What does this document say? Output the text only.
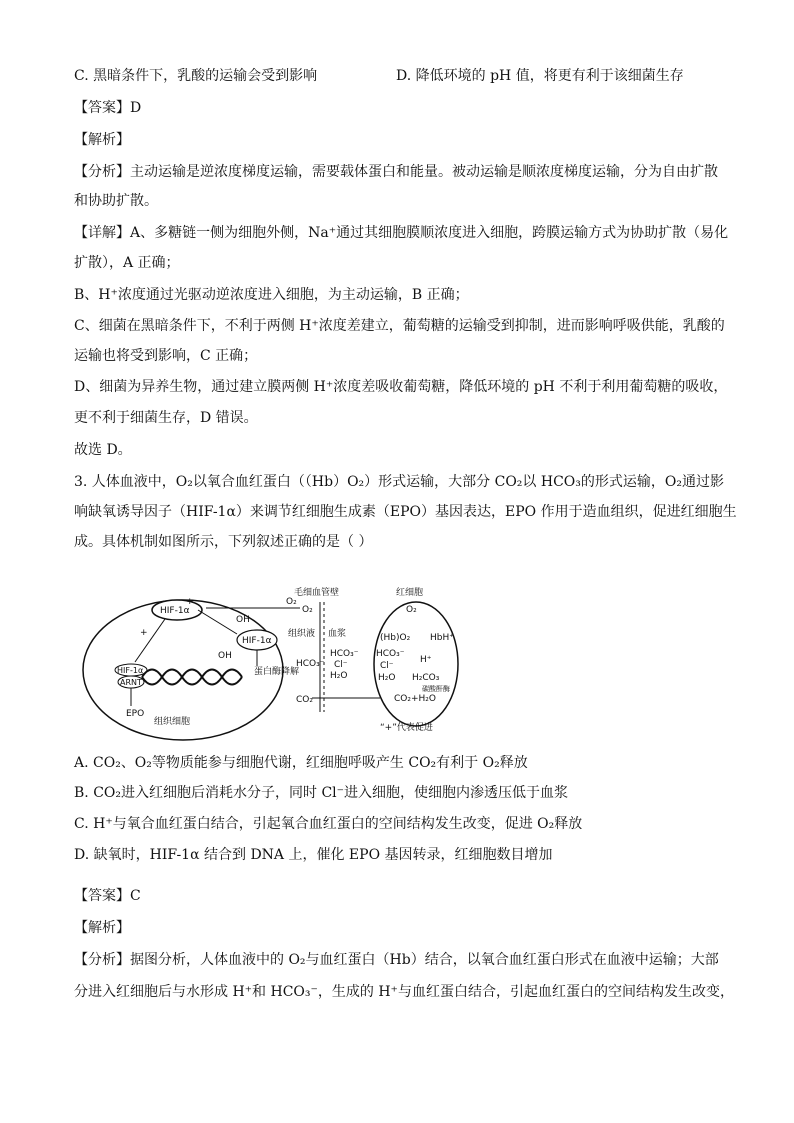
C. 黑暗条件下，乳酸的运输会受到影响	D. 降低环境的 pH 值，将更有利于该细菌生存
【答案】D
【解析】
【分析】主动运输是逆浓度梯度运输，需要载体蛋白和能量。被动运输是顺浓度梯度运输，分为自由扩散
和协助扩散。
【详解】A、多糖链一侧为细胞外侧，Na⁺通过其细胞膜顺浓度进入细胞，跨膜运输方式为协助扩散（易化
扩散），A 正确；
B、H⁺浓度通过光驱动逆浓度进入细胞，为主动运输，B 正确；
C、细菌在黑暗条件下，不利于两侧 H⁺浓度差建立，葡萄糖的运输受到抑制，进而影响呼吸供能，乳酸的
运输也将受到影响，C 正确；
D、细菌为异养生物，通过建立膜两侧 H⁺浓度差吸收葡萄糖，降低环境的 pH 不利于利用葡萄糖的吸收，
更不利于细菌生存，D 错误。
故选 D。
3. 人体血液中，O₂以氧合血红蛋白（（Hb）O₂）形式运输，大部分 CO₂以 HCO₃的形式运输，O₂通过影
响缺氧诱导因子（HIF-1α）来调节红细胞生成素（EPO）基因表达，EPO 作用于造血组织，促进红细胞生
成。具体机制如图所示，下列叙述正确的是（ ）
HIF-1α
HIF-1α
OH
OH
蛋白酶降解
HIF-1α
ARNT
EPO
组织细胞
+
+
毛细血管壁
组织液 血浆
O₂
HCO₃⁻
CO₂
HCO₃⁻
Cl⁻
H₂O
红细胞
O₂
(Hb)O₂ HbH⁺
H⁺
HCO₃⁻
Cl⁻
H₂O H₂CO₃
碳酸酐酶
CO₂+H₂O
“+”代表促进
O₂
A. CO₂、O₂等物质能参与细胞代谢，红细胞呼吸产生 CO₂有利于 O₂释放
B. CO₂进入红细胞后消耗水分子，同时 Cl⁻进入细胞，使细胞内渗透压低于血浆
C. H⁺与氧合血红蛋白结合，引起氧合血红蛋白的空间结构发生改变，促进 O₂释放
D. 缺氧时，HIF-1α 结合到 DNA 上，催化 EPO 基因转录，红细胞数目增加
【答案】C
【解析】
【分析】据图分析，人体血液中的 O₂与血红蛋白（Hb）结合，以氧合血红蛋白形式在血液中运输；大部
分进入红细胞后与水形成 H⁺和 HCO₃⁻，生成的 H⁺与血红蛋白结合，引起血红蛋白的空间结构发生改变，
